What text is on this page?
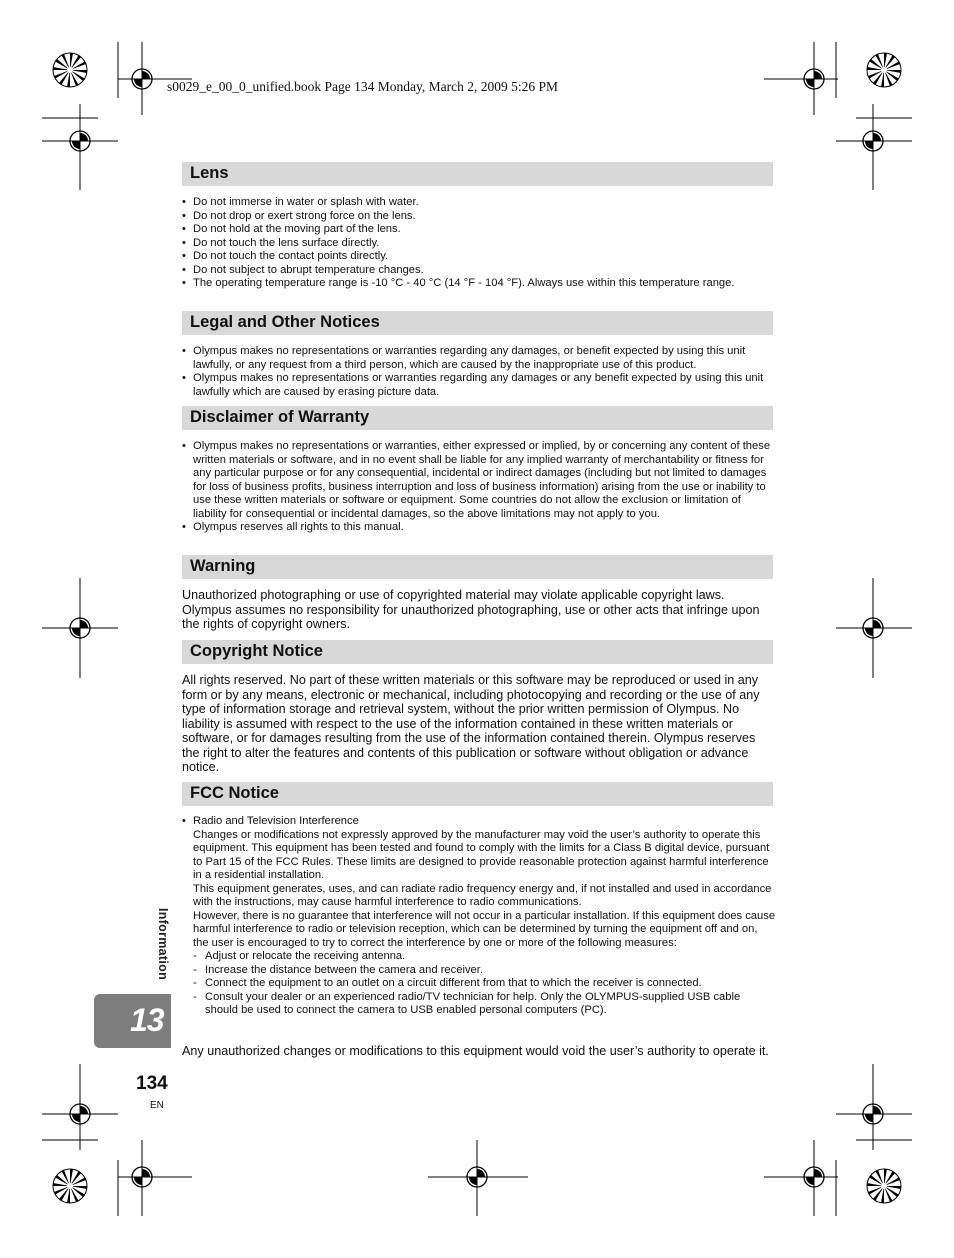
s0029_e_00_0_unified.book Page 134 Monday, March 2, 2009 5:26 PM
Lens
• Do not immerse in water or splash with water.
• Do not drop or exert strong force on the lens.
• Do not hold at the moving part of the lens.
• Do not touch the lens surface directly.
• Do not touch the contact points directly.
• Do not subject to abrupt temperature changes.
• The operating temperature range is -10 °C - 40 °C (14 °F - 104 °F). Always use within this temperature range.
Legal and Other Notices
• Olympus makes no representations or warranties regarding any damages, or benefit expected by using this unit lawfully, or any request from a third person, which are caused by the inappropriate use of this product.
• Olympus makes no representations or warranties regarding any damages or any benefit expected by using this unit lawfully which are caused by erasing picture data.
Disclaimer of Warranty
• Olympus makes no representations or warranties, either expressed or implied, by or concerning any content of these written materials or software, and in no event shall be liable for any implied warranty of merchantability or fitness for any particular purpose or for any consequential, incidental or indirect damages (including but not limited to damages for loss of business profits, business interruption and loss of business information) arising from the use or inability to use these written materials or software or equipment. Some countries do not allow the exclusion or limitation of liability for consequential or incidental damages, so the above limitations may not apply to you.
• Olympus reserves all rights to this manual.
Warning

Unauthorized photographing or use of copyrighted material may violate applicable copyright laws. Olympus assumes no responsibility for unauthorized photographing, use or other acts that infringe upon the rights of copyright owners.

Copyright Notice

All rights reserved. No part of these written materials or this software may be reproduced or used in any form or by any means, electronic or mechanical, including photocopying and recording or the use of any type of information storage and retrieval system, without the prior written permission of Olympus. No liability is assumed with respect to the use of the information contained in these written materials or software, or for damages resulting from the use of the information contained therein. Olympus reserves the right to alter the features and contents of this publication or software without obligation or advance notice.

FCC Notice
• Radio and Television Interference

Changes or modifications not expressly approved by the manufacturer may void the user’s authority to operate this equipment. This equipment has been tested and found to comply with the limits for a Class B digital device, pursuant to Part 15 of the FCC Rules. These limits are designed to provide reasonable protection against harmful interference in a residential installation.

This equipment generates, uses, and can radiate radio frequency energy and, if not installed and used in accordance with the instructions, may cause harmful interference to radio communications.

However, there is no guarantee that interference will not occur in a particular installation. If this equipment does cause harmful interference to radio or television reception, which can be determined by turning the equipment off and on, the user is encouraged to try to correct the interference by one or more of the following measures:

- Adjust or relocate the receiving antenna.
- Increase the distance between the camera and receiver.
- Connect the equipment to an outlet on a circuit different from that to which the receiver is connected.
- Consult your dealer or an experienced radio/TV technician for help. Only the OLYMPUS-supplied USB cable should be used to connect the camera to USB enabled personal computers (PC).

Any unauthorized changes or modifications to this equipment would void the user’s authority to operate it.

Information
13
134
EN
